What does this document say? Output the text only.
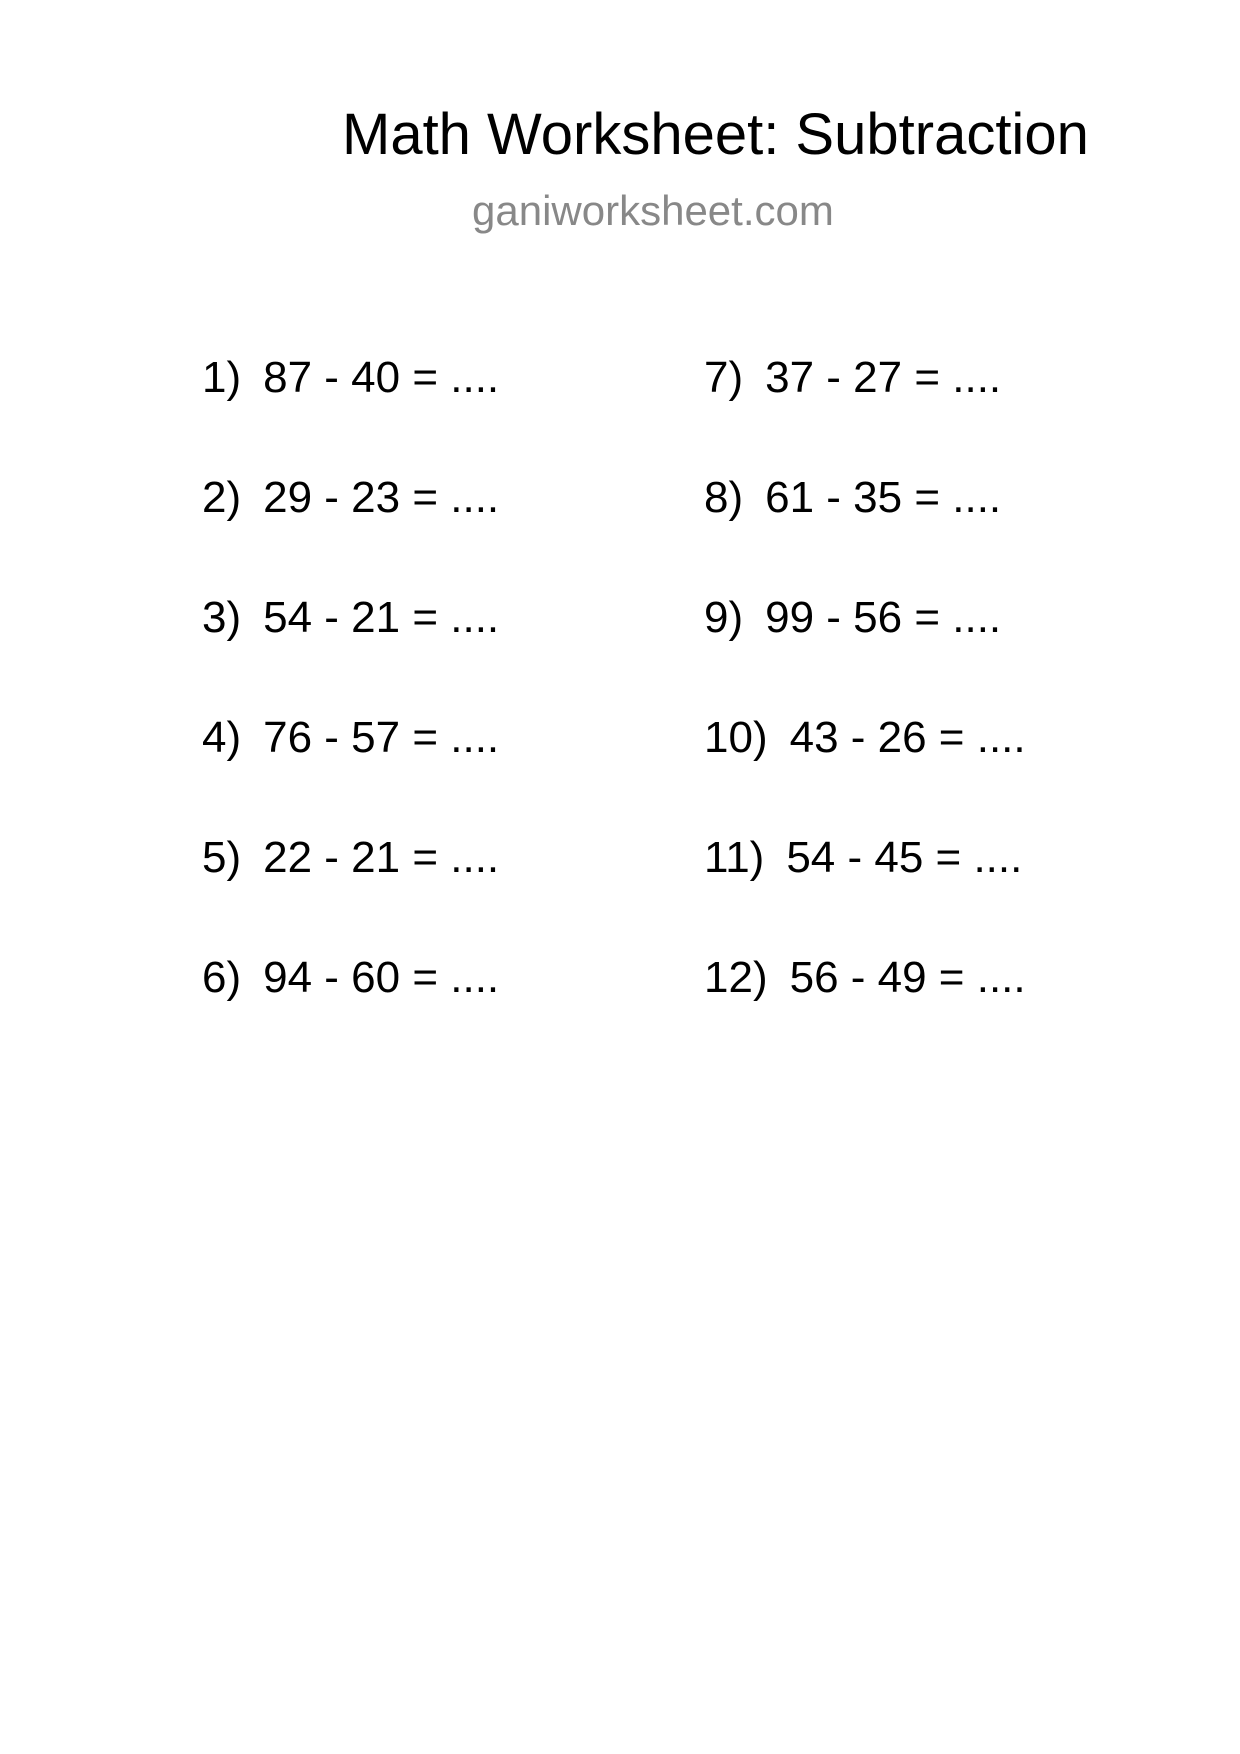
Math Worksheet: Subtraction
ganiworksheet.com
1) 87 - 40 = ....
2) 29 - 23 = ....
3) 54 - 21 = ....
4) 76 - 57 = ....
5) 22 - 21 = ....
6) 94 - 60 = ....
7) 37 - 27 = ....
8) 61 - 35 = ....
9) 99 - 56 = ....
10) 43 - 26 = ....
11) 54 - 45 = ....
12) 56 - 49 = ....
